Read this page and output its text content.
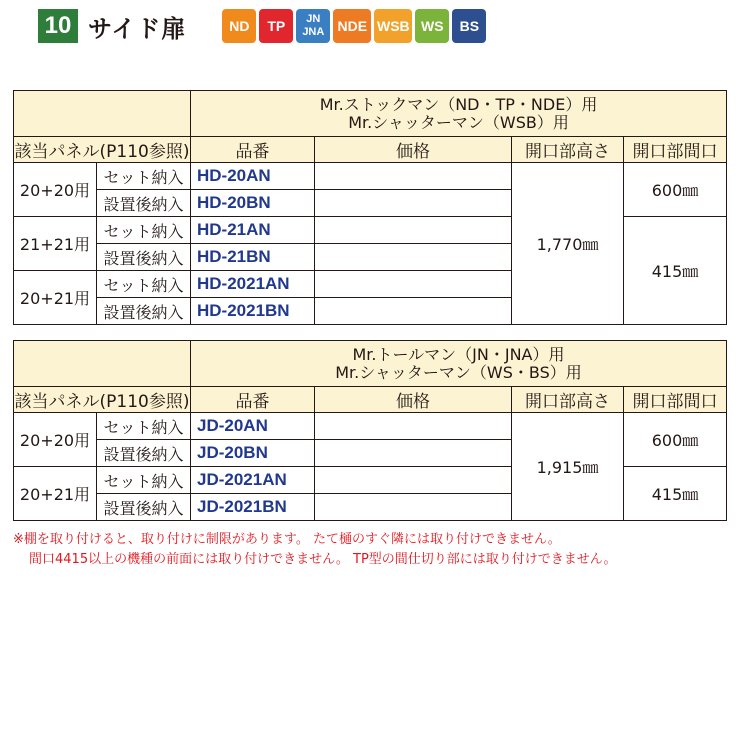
10 サイド扉	ND	TP	JN
JNA NDE WSB WS	BS

		Mr.ストックマン（ND・TP・NDE）用
Mr.シャッターマン（WSB）用			

該当パネル(P110参照)		品番	価格	開口部高さ	開口部間口
20+20用	セット納入	HD-20AN		1,770㎜	600㎜
	設置後納入	HD-20BN			
21+21用	セット納入	HD-21AN			415㎜
	設置後納入	HD-21BN			
20+21用	セット納入	HD-2021AN			
	設置後納入	HD-2021BN			

		Mr.トールマン（JN・JNA）用
Mr.シャッターマン（WS・BS）用			

該当パネル(P110参照)		品番	価格	開口部高さ	開口部間口
20+20用	セット納入	JD-20AN		1,915㎜	600㎜
	設置後納入	JD-20BN			
20+21用	セット納入	JD-2021AN			415㎜
	設置後納入	JD-2021BN			
※棚を取り付けると、取り付けに制限があります。 たて樋のすぐ隣には取り付けできません。
間口4415以上の機種の前面には取り付けできません。 TP型の間仕切り部には取り付けできません。
